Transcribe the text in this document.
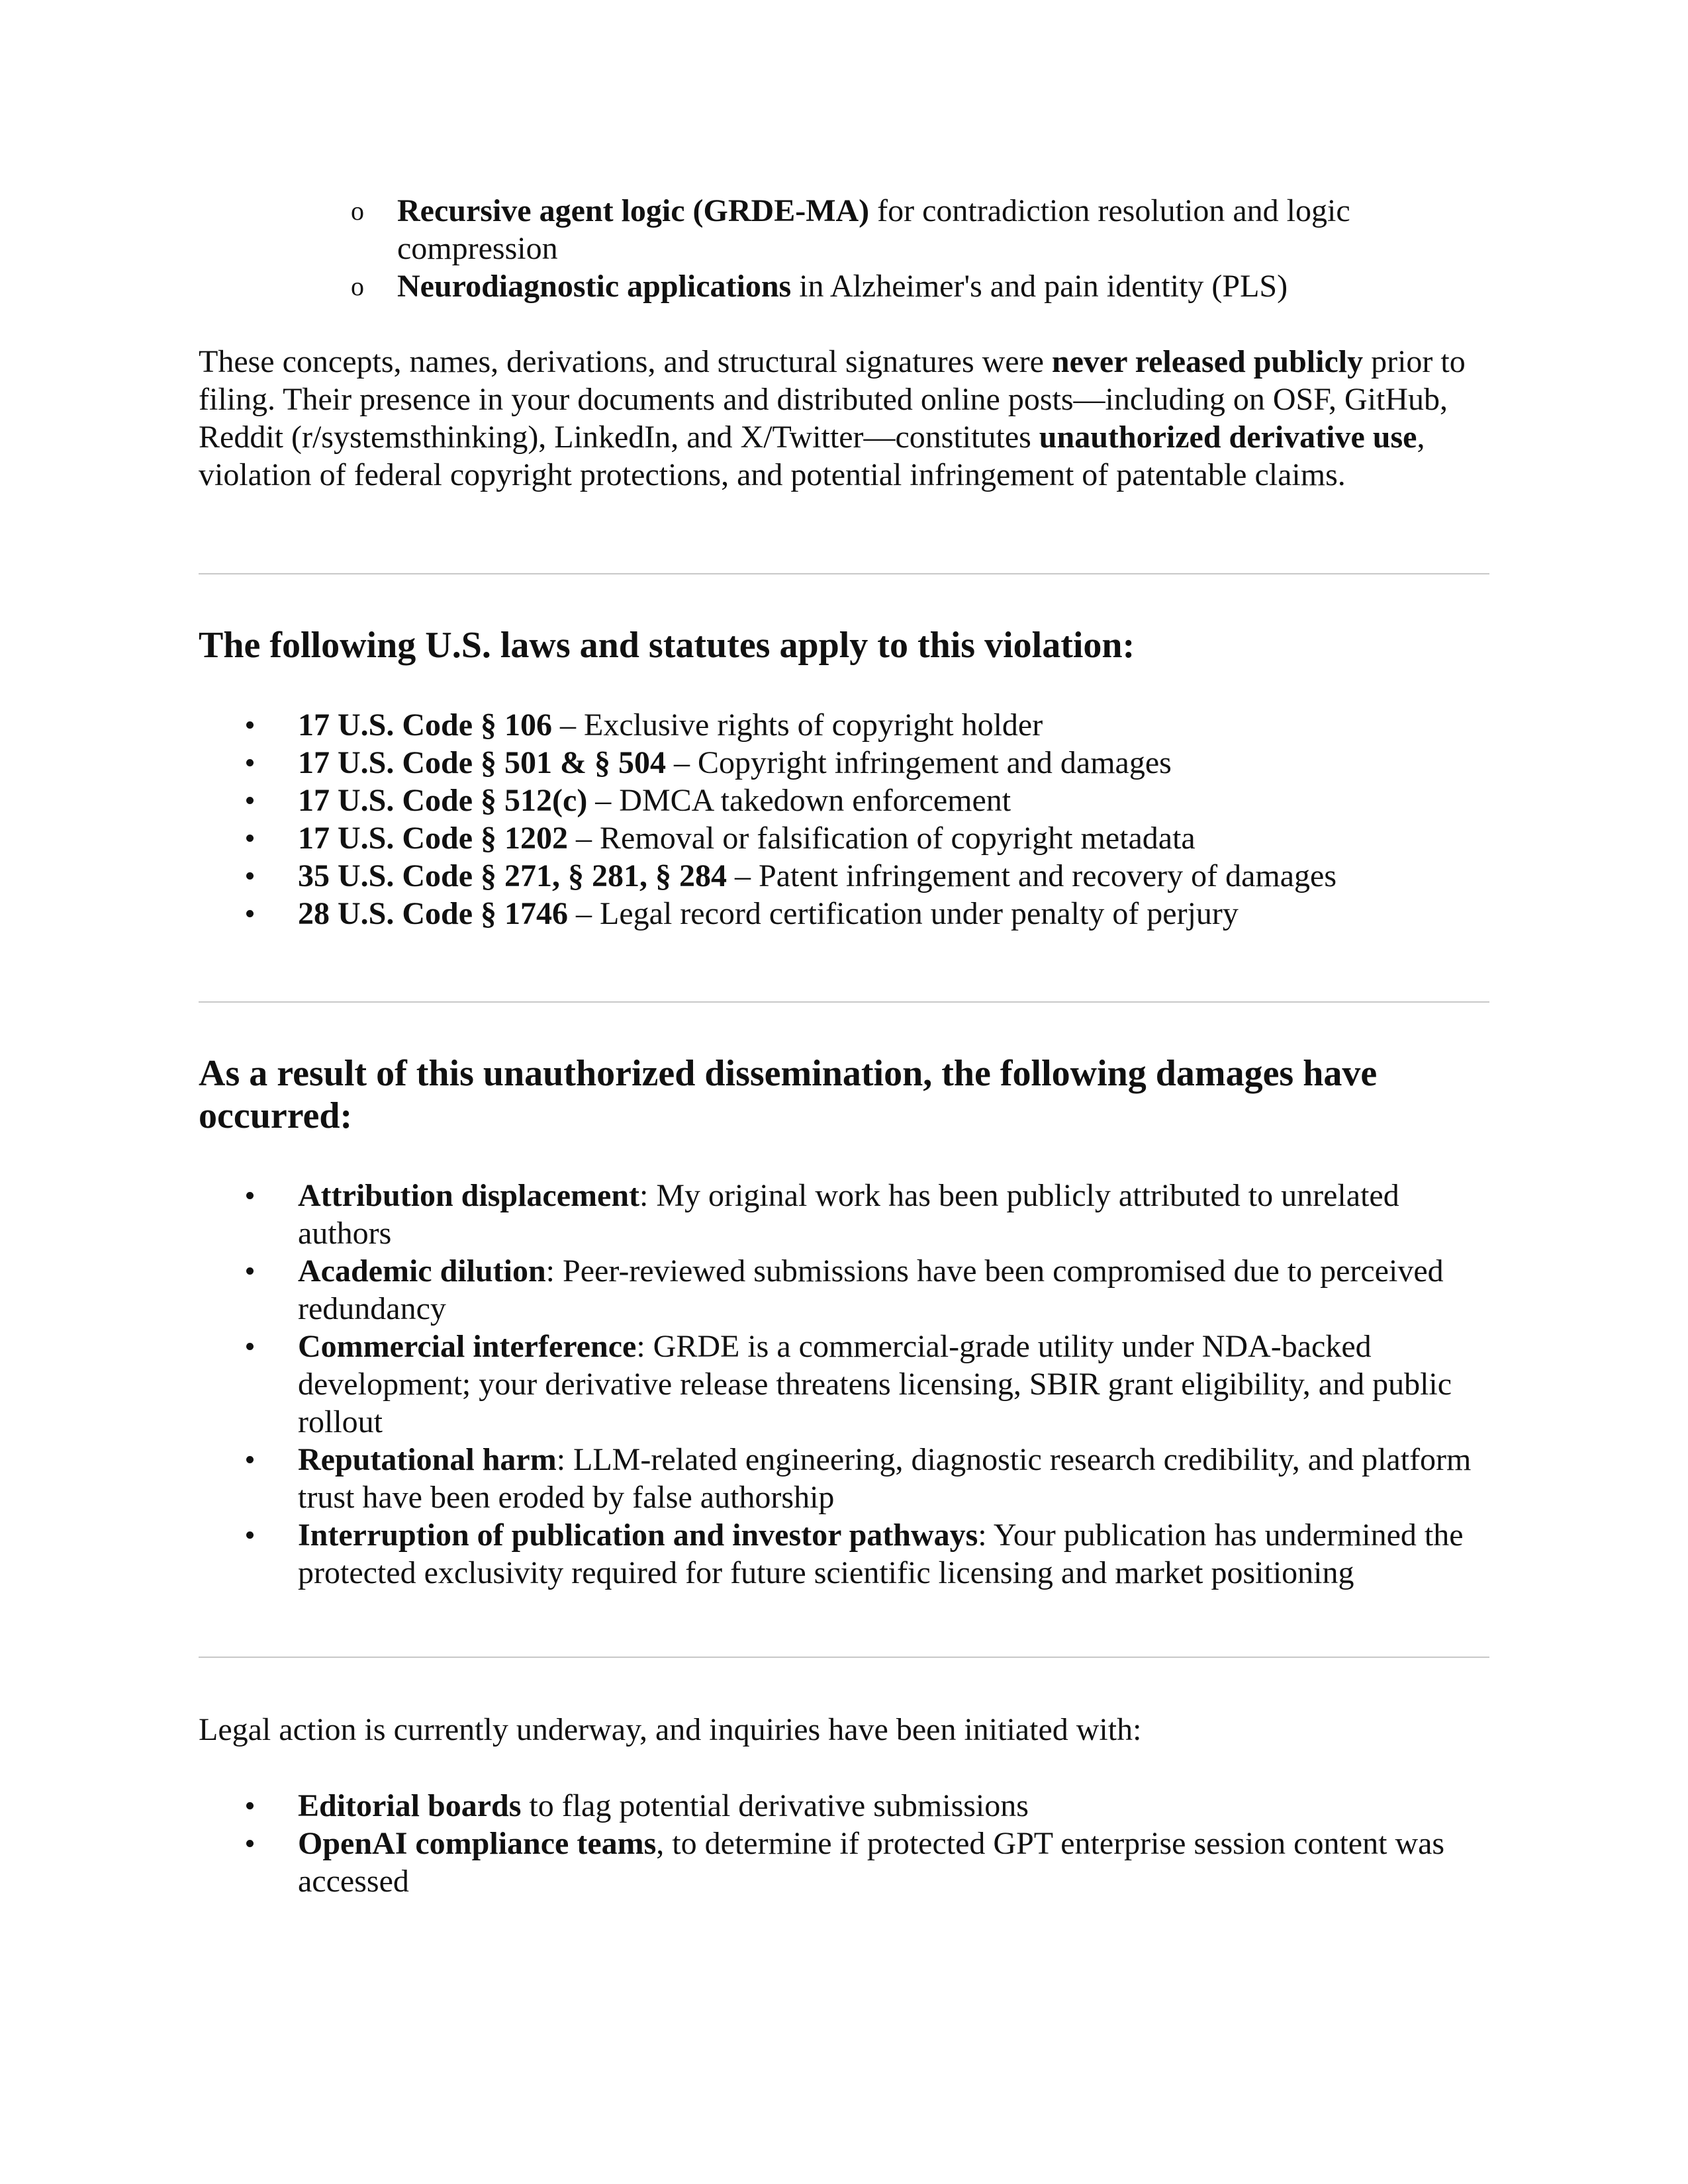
o Recursive agent logic (GRDE-MA) for contradiction resolution and logic compression
o Neurodiagnostic applications in Alzheimer's and pain identity (PLS)

These concepts, names, derivations, and structural signatures were never released publicly prior to filing. Their presence in your documents and distributed online posts—including on OSF, GitHub, Reddit (r/systemsthinking), LinkedIn, and X/Twitter—constitutes unauthorized derivative use, violation of federal copyright protections, and potential infringement of patentable claims.

The following U.S. laws and statutes apply to this violation:
17 U.S. Code § 106 – Exclusive rights of copyright holder
17 U.S. Code § 501 & § 504 – Copyright infringement and damages
17 U.S. Code § 512(c) – DMCA takedown enforcement
17 U.S. Code § 1202 – Removal or falsification of copyright metadata
35 U.S. Code § 271, § 281, § 284 – Patent infringement and recovery of damages
28 U.S. Code § 1746 – Legal record certification under penalty of perjury
As a result of this unauthorized dissemination, the following damages have occurred:
Attribution displacement: My original work has been publicly attributed to unrelated authors
Academic dilution: Peer-reviewed submissions have been compromised due to perceived redundancy
Commercial interference: GRDE is a commercial-grade utility under NDA-backed development; your derivative release threatens licensing, SBIR grant eligibility, and public rollout
Reputational harm: LLM-related engineering, diagnostic research credibility, and platform trust have been eroded by false authorship
Interruption of publication and investor pathways: Your publication has undermined the protected exclusivity required for future scientific licensing and market positioning

Legal action is currently underway, and inquiries have been initiated with:

Editorial boards to flag potential derivative submissions
OpenAI compliance teams, to determine if protected GPT enterprise session content was accessed
